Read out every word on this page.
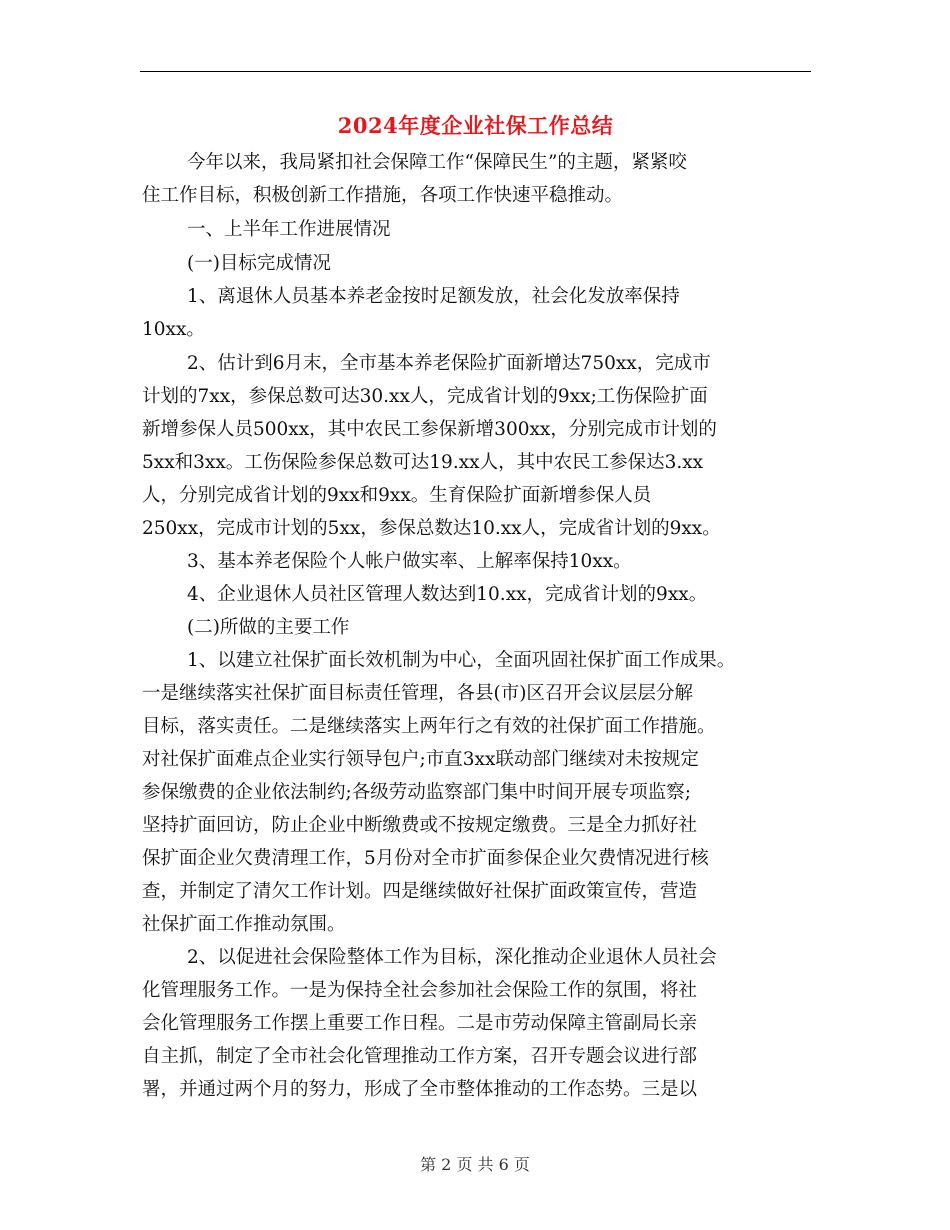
2024年度企业社保工作总结
今年以来，我局紧扣社会保障工作“保障民生”的主题，紧紧咬
住工作目标，积极创新工作措施，各项工作快速平稳推动。
一、上半年工作进展情况
(一)目标完成情况
1、离退休人员基本养老金按时足额发放，社会化发放率保持
10xx。
2、估计到6月末，全市基本养老保险扩面新增达750xx，完成市
计划的7xx，参保总数可达30.xx人，完成省计划的9xx;工伤保险扩面
新增参保人员500xx，其中农民工参保新增300xx，分别完成市计划的
5xx和3xx。工伤保险参保总数可达19.xx人，其中农民工参保达3.xx
人，分别完成省计划的9xx和9xx。生育保险扩面新增参保人员
250xx，完成市计划的5xx，参保总数达10.xx人，完成省计划的9xx。
3、基本养老保险个人帐户做实率、上解率保持10xx。
4、企业退休人员社区管理人数达到10.xx，完成省计划的9xx。
(二)所做的主要工作
1、以建立社保扩面长效机制为中心，全面巩固社保扩面工作成果。
一是继续落实社保扩面目标责任管理，各县(市)区召开会议层层分解
目标，落实责任。二是继续落实上两年行之有效的社保扩面工作措施。
对社保扩面难点企业实行领导包户;市直3xx联动部门继续对未按规定
参保缴费的企业依法制约;各级劳动监察部门集中时间开展专项监察;
坚持扩面回访，防止企业中断缴费或不按规定缴费。三是全力抓好社
保扩面企业欠费清理工作，5月份对全市扩面参保企业欠费情况进行核
查，并制定了清欠工作计划。四是继续做好社保扩面政策宣传，营造
社保扩面工作推动氛围。
2、以促进社会保险整体工作为目标，深化推动企业退休人员社会
化管理服务工作。一是为保持全社会参加社会保险工作的氛围，将社
会化管理服务工作摆上重要工作日程。二是市劳动保障主管副局长亲
自主抓，制定了全市社会化管理推动工作方案，召开专题会议进行部
署，并通过两个月的努力，形成了全市整体推动的工作态势。三是以
第 2 页 共 6 页
